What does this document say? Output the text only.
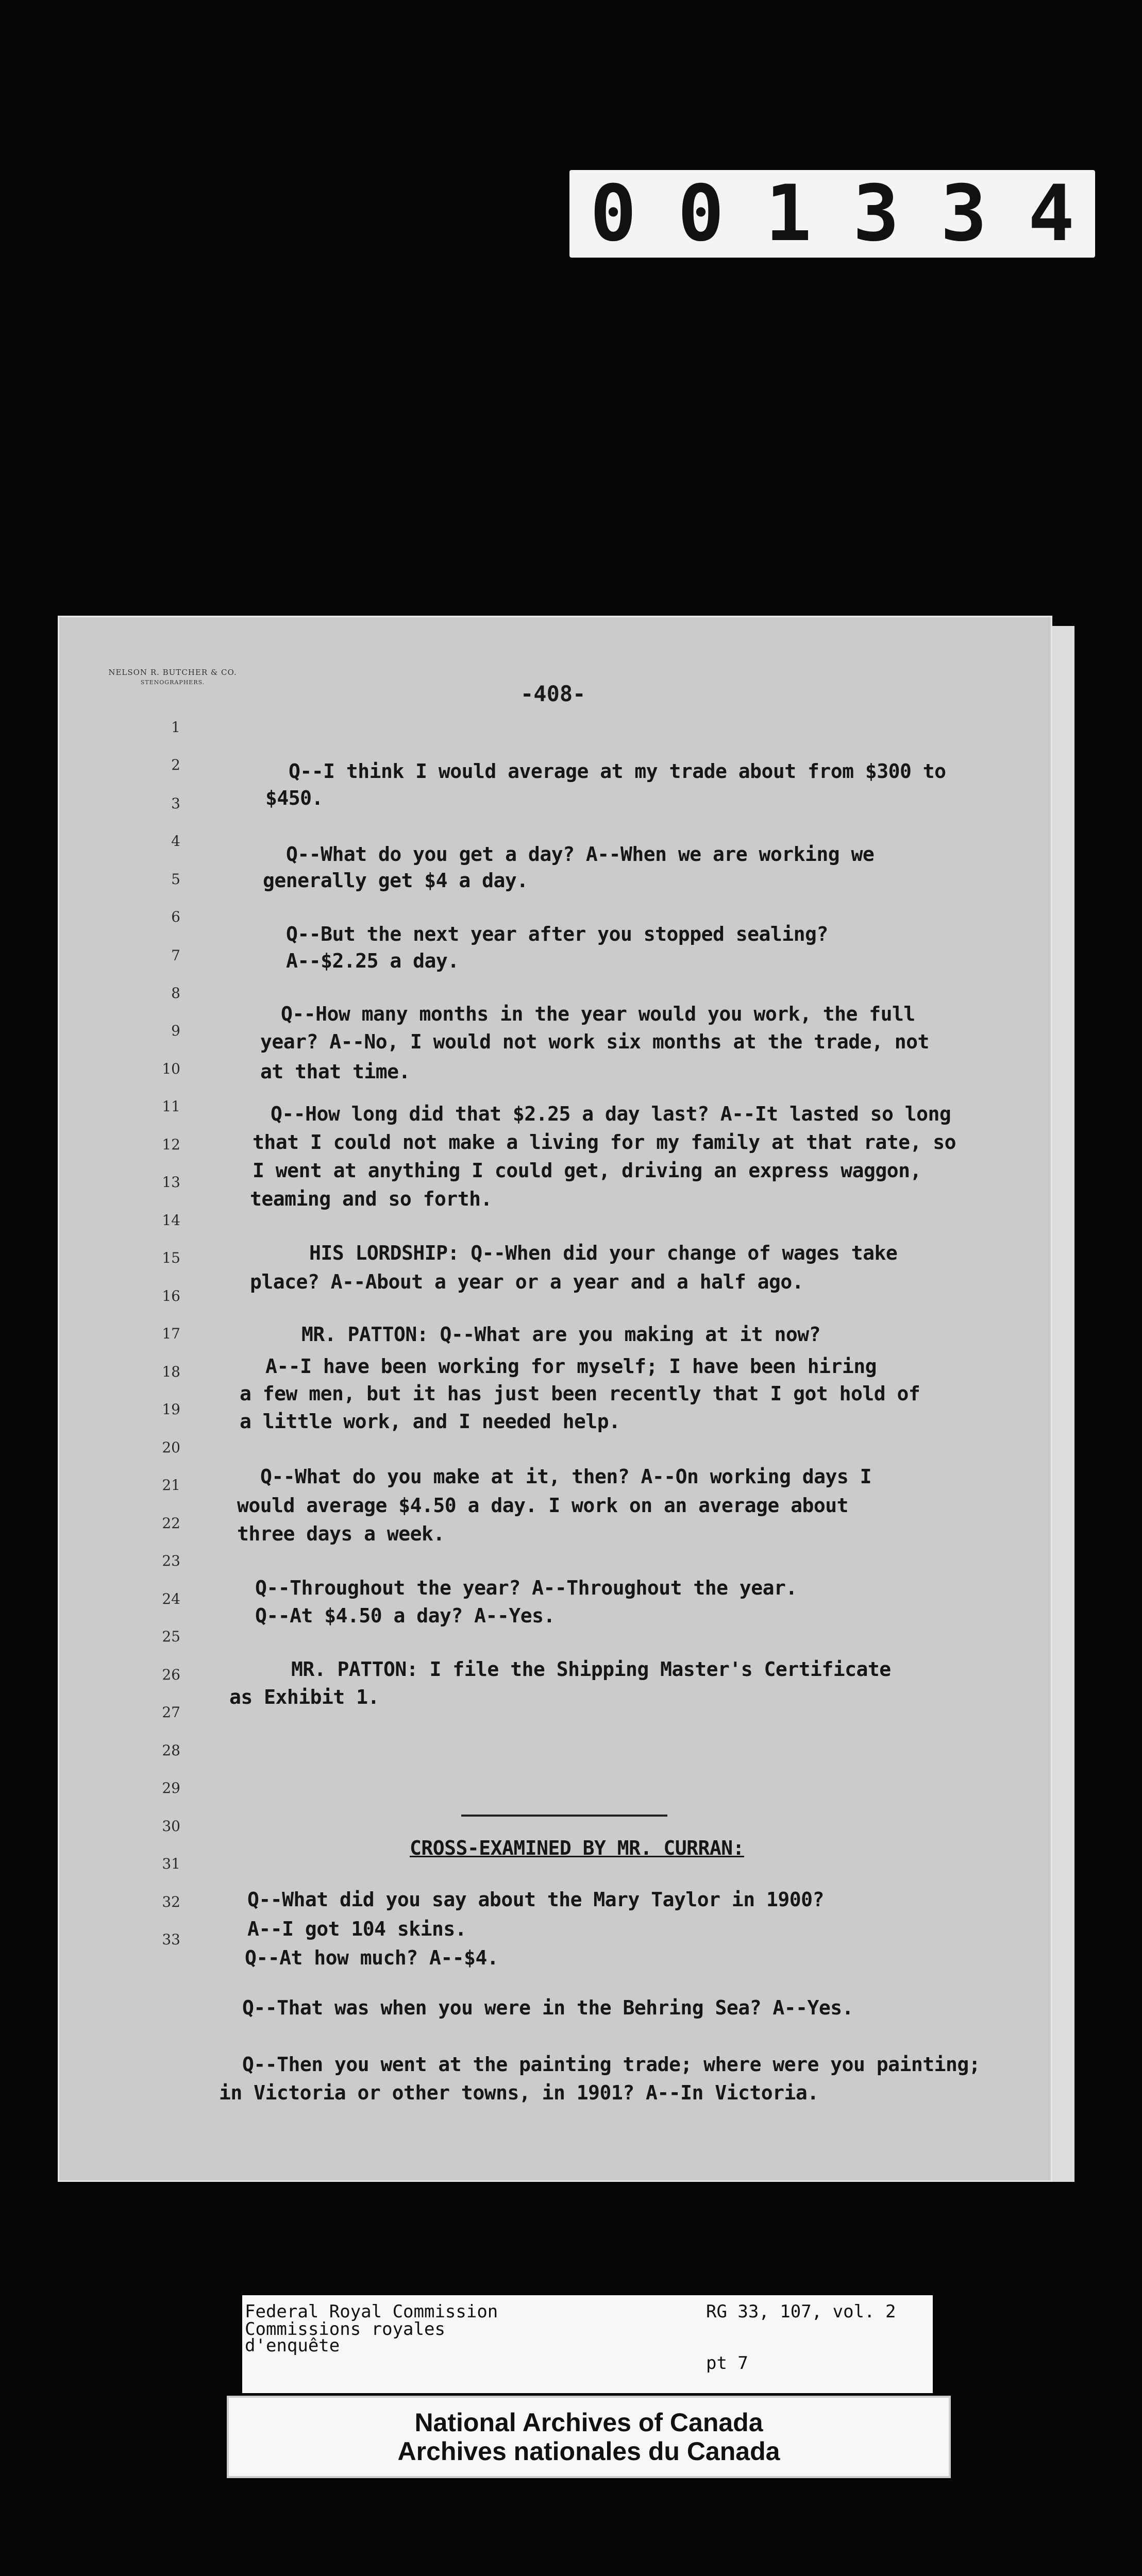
0 0 1 3 3 4
NELSON R. BUTCHER & CO.
STENOGRAPHERS.	-408-
1
2
3
4
5
6
7
8
9
10
11
12
13
14
15
16
17
18
19
20
21
22
23
24
25
26
27
28
29
30
31
32
33
Q--I think I would average at my trade about from $300 to
$450.
Q--What do you get a day? A--When we are working we
generally get $4 a day.
Q--But the next year after you stopped sealing?
A--$2.25 a day.
Q--How many months in the year would you work, the full
year? A--No, I would not work six months at the trade, not
at that time.
Q--How long did that $2.25 a day last? A--It lasted so long
that I could not make a living for my family at that rate, so
I went at anything I could get, driving an express waggon,
teaming and so forth.
HIS LORDSHIP: Q--When did your change of wages take
place? A--About a year or a year and a half ago.
MR. PATTON: Q--What are you making at it now?
A--I have been working for myself; I have been hiring
a few men, but it has just been recently that I got hold of
a little work, and I needed help.
Q--What do you make at it, then? A--On working days I
would average $4.50 a day. I work on an average about
three days a week.
Q--Throughout the year? A--Throughout the year.
Q--At $4.50 a day? A--Yes.
MR. PATTON: I file the Shipping Master's Certificate
as Exhibit 1.
CROSS-EXAMINED BY MR. CURRAN:
Q--What did you say about the Mary Taylor in 1900?
A--I got 104 skins.
Q--At how much? A--$4.
Q--That was when you were in the Behring Sea? A--Yes.
Q--Then you went at the painting trade; where were you painting;
in Victoria or other towns, in 1901? A--In Victoria.
Federal Royal Commission
Commissions royales
d'enquête
RG 33, 107, vol. 2
pt 7
National Archives of Canada
Archives nationales du Canada
